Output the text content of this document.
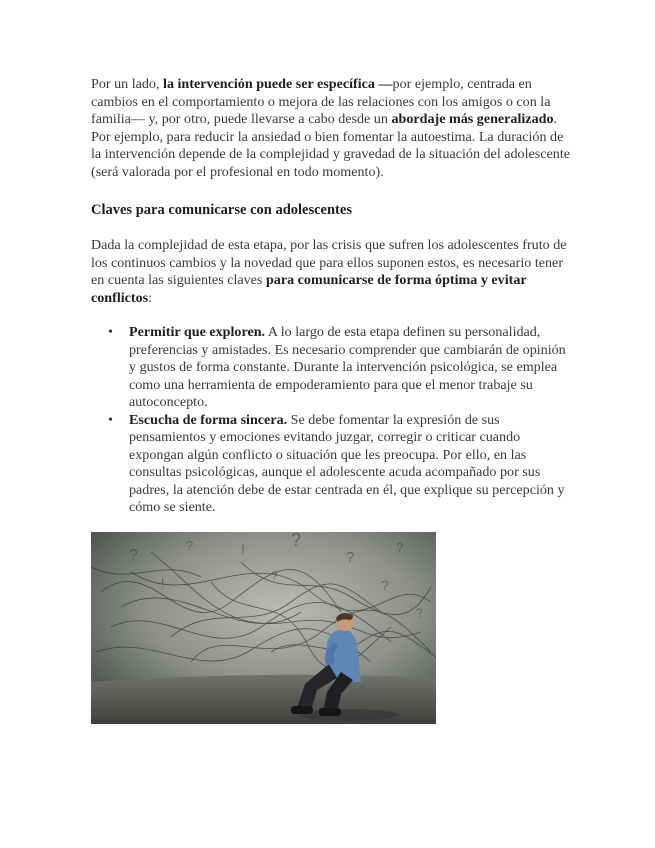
Por un lado, la intervención puede ser específica —por ejemplo, centrada en cambios en el comportamiento o mejora de las relaciones con los amigos o con la familia— y, por otro, puede llevarse a cabo desde un abordaje más generalizado. Por ejemplo, para reducir la ansiedad o bien fomentar la autoestima. La duración de la intervención depende de la complejidad y gravedad de la situación del adolescente (será valorada por el profesional en todo momento).

Claves para comunicarse con adolescentes

Dada la complejidad de esta etapa, por las crisis que sufren los adolescentes fruto de los continuos cambios y la novedad que para ellos suponen estos, es necesario tener en cuenta las siguientes claves para comunicarse de forma óptima y evitar conflictos:

• Permitir que exploren. A lo largo de esta etapa definen su personalidad, preferencias y amistades. Es necesario comprender que cambiarán de opinión y gustos de forma constante. Durante la intervención psicológica, se emplea como una herramienta de empoderamiento para que el menor trabaje su autoconcepto.
• Escucha de forma sincera. Se debe fomentar la expresión de sus pensamientos y emociones evitando juzgar, corregir o criticar cuando expongan algún conflicto o situación que les preocupa. Por ello, en las consultas psicológicas, aunque el adolescente acuda acompañado por sus padres, la atención debe de estar centrada en él, que explique su percepción y cómo se siente.
?
?	!	?
?
?
!	?
?
?
